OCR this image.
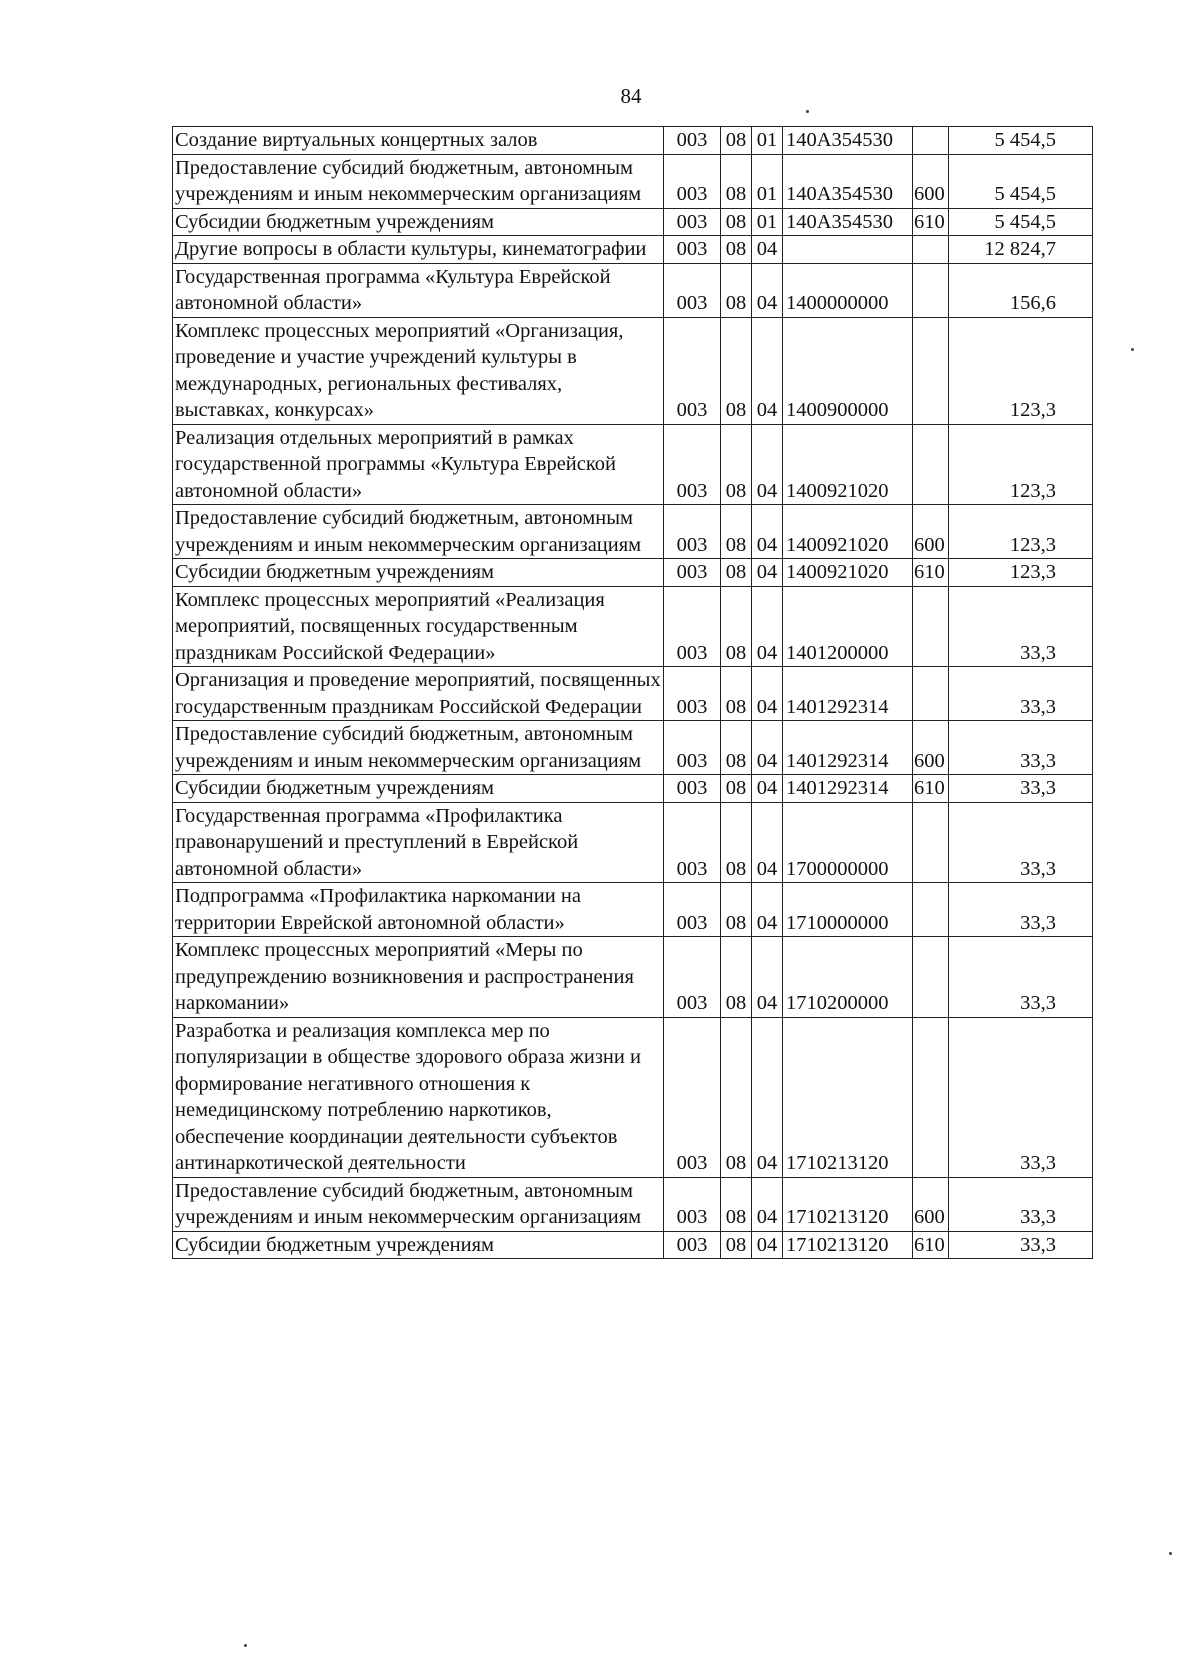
84
Создание виртуальных концертных залов	003	08	01	140А354530		5 454,5
Предоставление субсидий бюджетным, автономным учреждениям и иным некоммерческим организациям	003	08	01	140А354530	600	5 454,5
Субсидии бюджетным учреждениям	003	08	01	140А354530	610	5 454,5
Другие вопросы в области культуры, кинематографии	003	08	04			12 824,7
Государственная программа «Культура Еврейской автономной области»	003	08	04	1400000000		156,6
Комплекс процессных мероприятий «Организация, проведение и участие учреждений культуры в международных, региональных фестивалях, выставках, конкурсах»	003	08	04	1400900000		123,3
Реализация отдельных мероприятий в рамках государственной программы «Культура Еврейской автономной области»	003	08	04	1400921020		123,3
Предоставление субсидий бюджетным, автономным учреждениям и иным некоммерческим организациям	003	08	04	1400921020	600	123,3
Субсидии бюджетным учреждениям	003	08	04	1400921020	610	123,3
Комплекс процессных мероприятий «Реализация мероприятий, посвященных государственным праздникам Российской Федерации»	003	08	04	1401200000		33,3
Организация и проведение мероприятий, посвященных государственным праздникам Российской Федерации	003	08	04	1401292314		33,3
Предоставление субсидий бюджетным, автономным учреждениям и иным некоммерческим организациям	003	08	04	1401292314	600	33,3
Субсидии бюджетным учреждениям	003	08	04	1401292314	610	33,3
Государственная программа «Профилактика правонарушений и преступлений в Еврейской автономной области»	003	08	04	1700000000		33,3
Подпрограмма «Профилактика наркомании на территории Еврейской автономной области»	003	08	04	1710000000		33,3
Комплекс процессных мероприятий «Меры по предупреждению возникновения и распространения наркомании»	003	08	04	1710200000		33,3
Разработка и реализация комплекса мер по популяризации в обществе здорового образа жизни и формирование негативного отношения к немедицинскому потреблению наркотиков, обеспечение координации деятельности субъектов антинаркотической деятельности	003	08	04	1710213120		33,3
Предоставление субсидий бюджетным, автономным учреждениям и иным некоммерческим организациям	003	08	04	1710213120	600	33,3
Субсидии бюджетным учреждениям	003	08	04	1710213120	610	33,3
